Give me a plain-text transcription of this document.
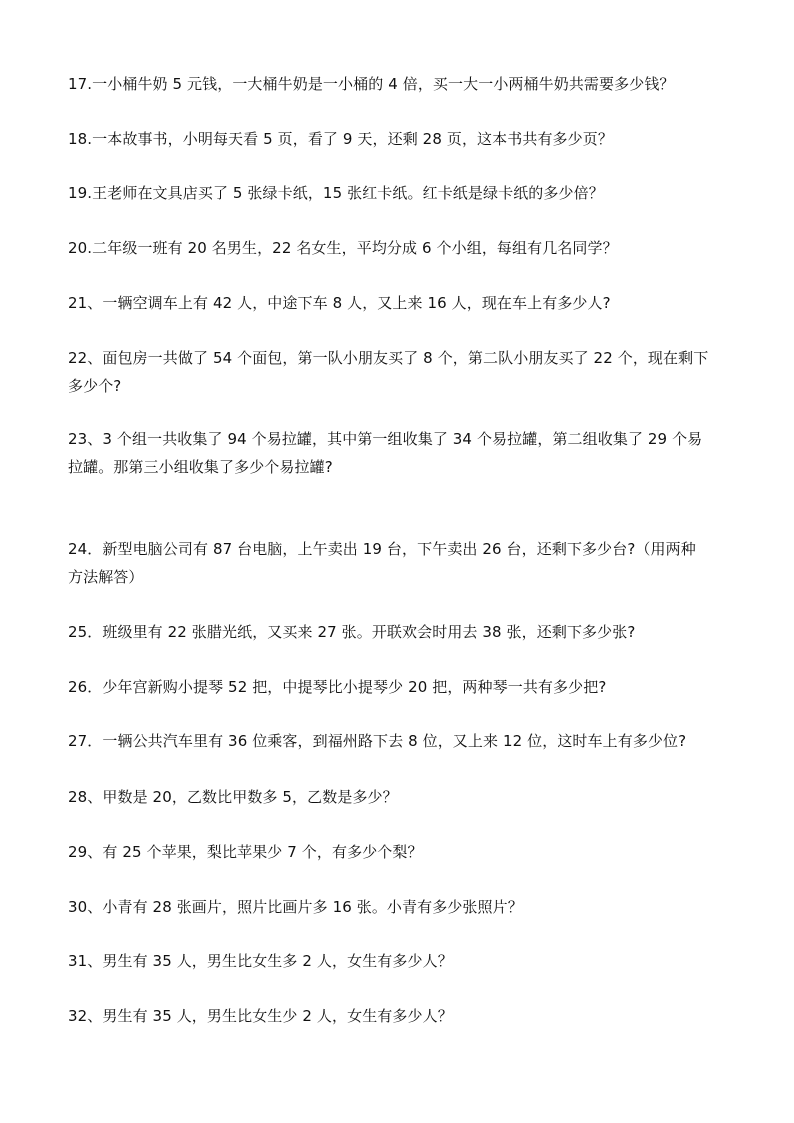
17.一小桶牛奶 5 元钱，一大桶牛奶是一小桶的 4 倍，买一大一小两桶牛奶共需要多少钱？
18.一本故事书，小明每天看 5 页，看了 9 天，还剩 28 页，这本书共有多少页？
19.王老师在文具店买了 5 张绿卡纸，15 张红卡纸。红卡纸是绿卡纸的多少倍？
20.二年级一班有 20 名男生，22 名女生，平均分成 6 个小组，每组有几名同学？
21、一辆空调车上有 42 人，中途下车 8 人，又上来 16 人，现在车上有多少人?
22、面包房一共做了 54 个面包，第一队小朋友买了 8 个，第二队小朋友买了 22 个，现在剩下
多少个?
23、3 个组一共收集了 94 个易拉罐，其中第一组收集了 34 个易拉罐，第二组收集了 29 个易
拉罐。那第三小组收集了多少个易拉罐?
24．新型电脑公司有 87 台电脑，上午卖出 19 台，下午卖出 26 台，还剩下多少台?（用两种
方法解答）
25．班级里有 22 张腊光纸，又买来 27 张。开联欢会时用去 38 张，还剩下多少张?
26．少年宫新购小提琴 52 把，中提琴比小提琴少 20 把，两种琴一共有多少把?
27．一辆公共汽车里有 36 位乘客，到福州路下去 8 位，又上来 12 位，这时车上有多少位?
28、甲数是 20，乙数比甲数多 5，乙数是多少？
29、有 25 个苹果，梨比苹果少 7 个，有多少个梨？
30、小青有 28 张画片，照片比画片多 16 张。小青有多少张照片？
31、男生有 35 人，男生比女生多 2 人，女生有多少人？
32、男生有 35 人，男生比女生少 2 人，女生有多少人？
